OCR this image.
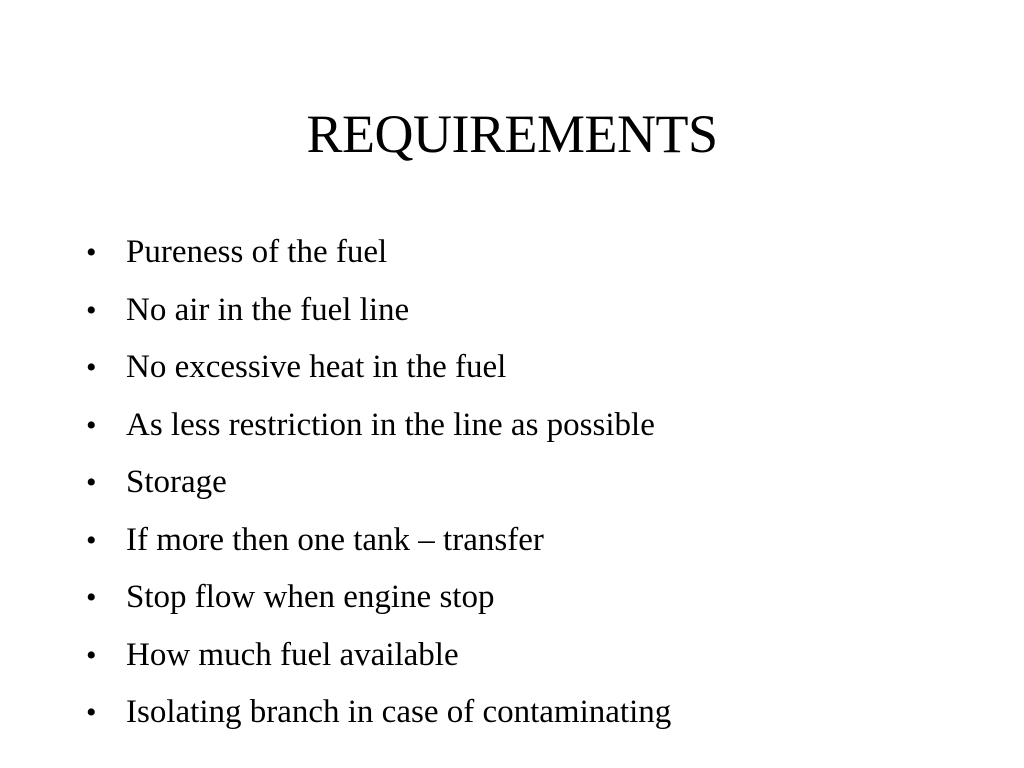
REQUIREMENTS
• Pureness of the fuel
• No air in the fuel line
• No excessive heat in the fuel
• As less restriction in the line as possible
• Storage
• If more then one tank – transfer
• Stop flow when engine stop
• How much fuel available
• Isolating branch in case of contaminating
